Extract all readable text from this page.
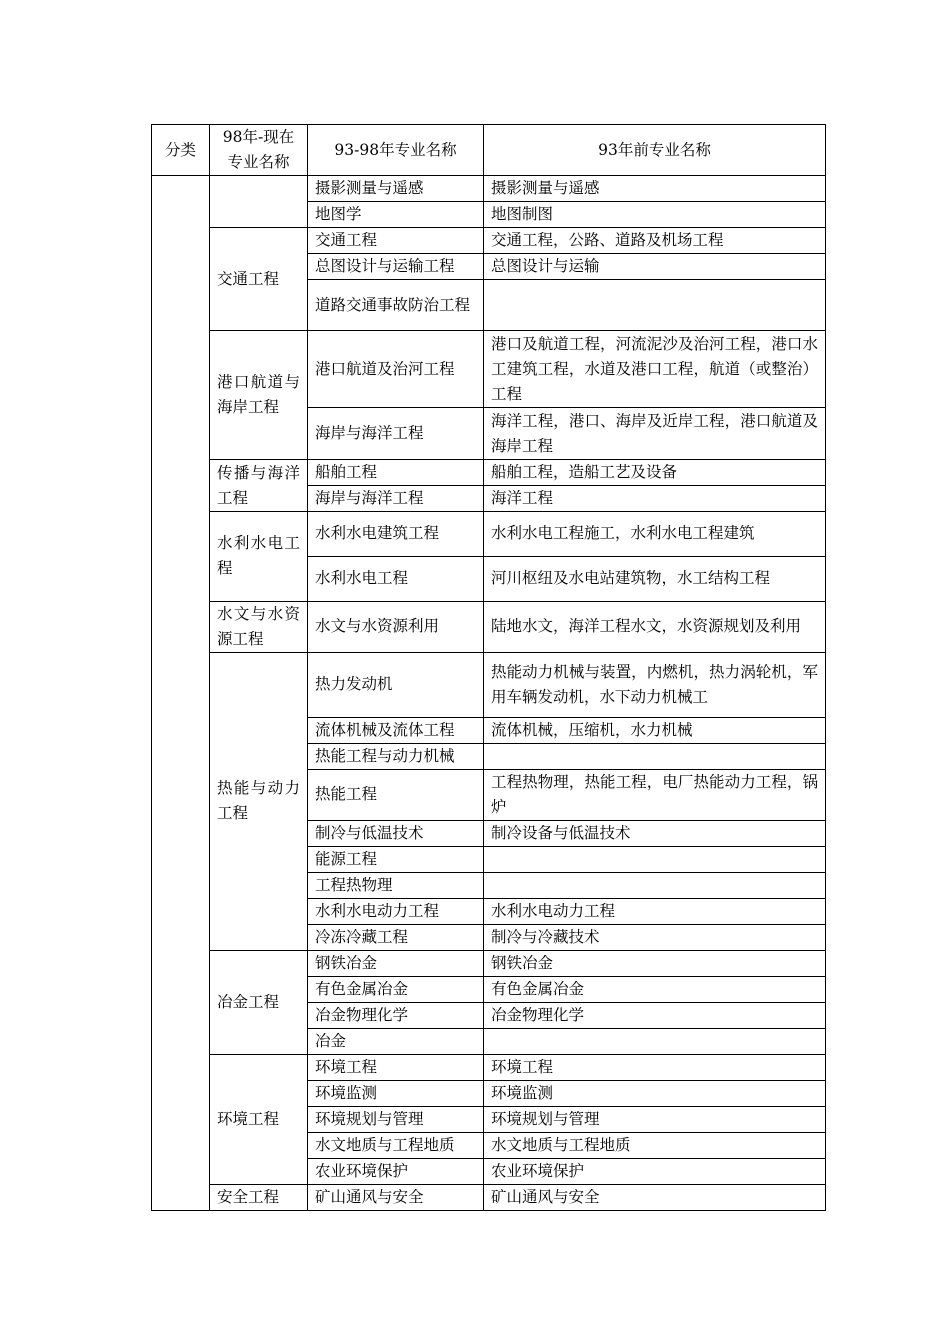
分类	98年-现在专业名称	93-98年专业名称	93年前专业名称
		摄影测量与遥感	摄影测量与遥感
		地图学	地图制图
	交通工程	交通工程	交通工程，公路、道路及机场工程
		总图设计与运输工程	总图设计与运输
		道路交通事故防治工程	
	港口航道与海岸工程	港口航道及治河工程	港口及航道工程，河流泥沙及治河工程，港口水工建筑工程，水道及港口工程，航道（或整治）工程
		海岸与海洋工程	海洋工程，港口、海岸及近岸工程，港口航道及海岸工程
	传播与海洋工程	船舶工程	船舶工程，造船工艺及设备
		海岸与海洋工程	海洋工程
	水利水电工程	水利水电建筑工程	水利水电工程施工，水利水电工程建筑
		水利水电工程	河川枢纽及水电站建筑物，水工结构工程
	水文与水资源工程	水文与水资源利用	陆地水文，海洋工程水文，水资源规划及利用
	热能与动力工程	热力发动机	热能动力机械与装置，内燃机，热力涡轮机，军用车辆发动机，水下动力机械工
		流体机械及流体工程	流体机械，压缩机，水力机械
		热能工程与动力机械	
		热能工程	工程热物理，热能工程，电厂热能动力工程，锅炉
		制冷与低温技术	制冷设备与低温技术
		能源工程	
		工程热物理	
		水利水电动力工程	水利水电动力工程
		冷冻冷藏工程	制冷与冷藏技术
	冶金工程	钢铁冶金	钢铁冶金
		有色金属冶金	有色金属冶金
		冶金物理化学	冶金物理化学
		冶金	
	环境工程	环境工程	环境工程
		环境监测	环境监测
		环境规划与管理	环境规划与管理
		水文地质与工程地质	水文地质与工程地质
		农业环境保护	农业环境保护
	安全工程	矿山通风与安全	矿山通风与安全
